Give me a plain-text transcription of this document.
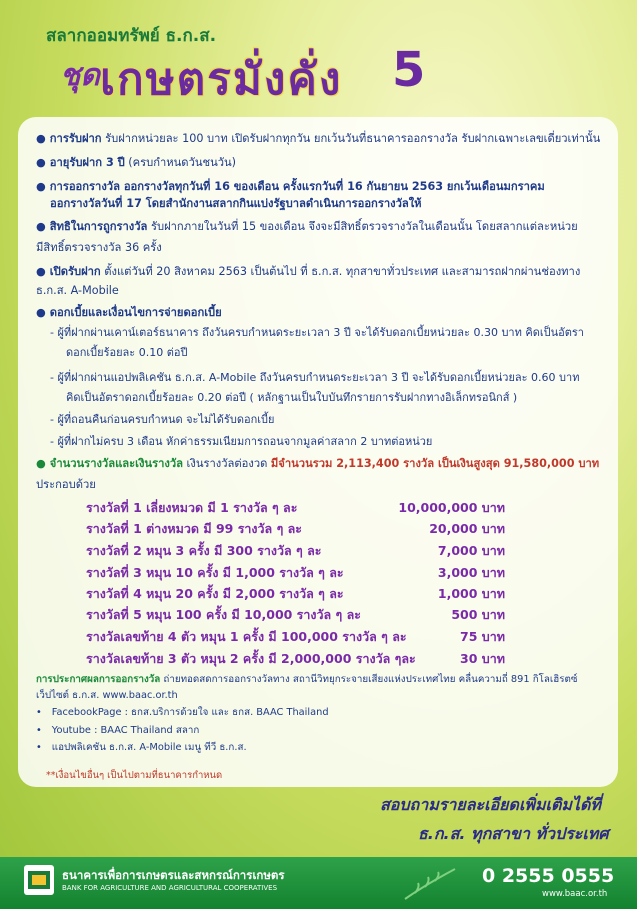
สลากออมทรัพย์ ธ.ก.ส.
ชุด เกษตรมั่งคั่ง 5
● การรับฝาก รับฝากหน่วยละ 100 บาท เปิดรับฝากทุกวัน ยกเว้นวันที่ธนาคารออกรางวัล รับฝากเฉพาะเลขเดี่ยวเท่านั้น
● อายุรับฝาก 3 ปี (ครบกำหนดวันชนวัน)
● การออกรางวัล ออกรางวัลทุกวันที่ 16 ของเดือน ครั้งแรกวันที่ 16 กันยายน 2563 ยกเว้นเดือนมกราคม
ออกรางวัลวันที่ 17 โดยสำนักงานสลากกินแบ่งรัฐบาลดำเนินการออกรางวัลให้
● สิทธิในการถูกรางวัล รับฝากภายในวันที่ 15 ของเดือน จึงจะมีสิทธิ์ตรวจรางวัลในเดือนนั้น โดยสลากแต่ละหน่วย
มีสิทธิ์ตรวจรางวัล 36 ครั้ง
● เปิดรับฝาก ตั้งแต่วันที่ 20 สิงหาคม 2563 เป็นต้นไป ที่ ธ.ก.ส. ทุกสาขาทั่วประเทศ และสามารถฝากผ่านช่องทาง
ธ.ก.ส. A-Mobile
● ดอกเบี้ยและเงื่อนไขการจ่ายดอกเบี้ย
- ผู้ที่ฝากผ่านเคาน์เตอร์ธนาคาร ถึงวันครบกำหนดระยะเวลา 3 ปี จะได้รับดอกเบี้ยหน่วยละ 0.30 บาท คิดเป็นอัตรา
ดอกเบี้ยร้อยละ 0.10 ต่อปี
- ผู้ที่ฝากผ่านแอปพลิเคชัน ธ.ก.ส. A-Mobile ถึงวันครบกำหนดระยะเวลา 3 ปี จะได้รับดอกเบี้ยหน่วยละ 0.60 บาท
คิดเป็นอัตราดอกเบี้ยร้อยละ 0.20 ต่อปี ( หลักฐานเป็นใบบันทึกรายการรับฝากทางอิเล็กทรอนิกส์ )
- ผู้ที่ถอนคืนก่อนครบกำหนด จะไม่ได้รับดอกเบี้ย
- ผู้ที่ฝากไม่ครบ 3 เดือน หักค่าธรรมเนียมการถอนจากมูลค่าสลาก 2 บาทต่อหน่วย
● จำนวนรางวัลและเงินรางวัล เงินรางวัลต่องวด มีจำนวนรวม 2,113,400 รางวัล เป็นเงินสูงสุด 91,580,000 บาท
ประกอบด้วย
รางวัลที่ 1 เลี่ยงหมวด มี 1 รางวัล ๆ ละ	10,000,000 บาท
รางวัลที่ 1 ต่างหมวด มี 99 รางวัล ๆ ละ	20,000 บาท
รางวัลที่ 2 หมุน 3 ครั้ง มี 300 รางวัล ๆ ละ	7,000 บาท
รางวัลที่ 3 หมุน 10 ครั้ง มี 1,000 รางวัล ๆ ละ	3,000 บาท
รางวัลที่ 4 หมุน 20 ครั้ง มี 2,000 รางวัล ๆ ละ	1,000 บาท
รางวัลที่ 5 หมุน 100 ครั้ง มี 10,000 รางวัล ๆ ละ	500 บาท
รางวัลเลขท้าย 4 ตัว หมุน 1 ครั้ง มี 100,000 รางวัล ๆ ละ	75 บาท
รางวัลเลขท้าย 3 ตัว หมุน 2 ครั้ง มี 2,000,000 รางวัล ๆละ	30 บาท
การประกาศผลการออกรางวัล ถ่ายทอดสดการออกรางวัลทาง สถานีวิทยุกระจายเสียงแห่งประเทศไทย คลื่นความถี่ 891 กิโลเฮิรตซ์
เว็ปไซต์ ธ.ก.ส. www.baac.or.th
• FacebookPage : ธกส.บริการด้วยใจ และ ธกส. BAAC Thailand
• Youtube : BAAC Thailand สลาก
• แอปพลิเคชัน ธ.ก.ส. A-Mobile เมนู ทีวี ธ.ก.ส.
**เงื่อนไขอื่นๆ เป็นไปตามที่ธนาคารกำหนด
สอบถามรายละเอียดเพิ่มเติมได้ที่
ธ.ก.ส. ทุกสาขา ทั่วประเทศ
ธนาคารเพื่อการเกษตรและสหกรณ์การเกษตร
BANK FOR AGRICULTURE AND AGRICULTURAL COOPERATIVES
0 2555 0555
www.baac.or.th
